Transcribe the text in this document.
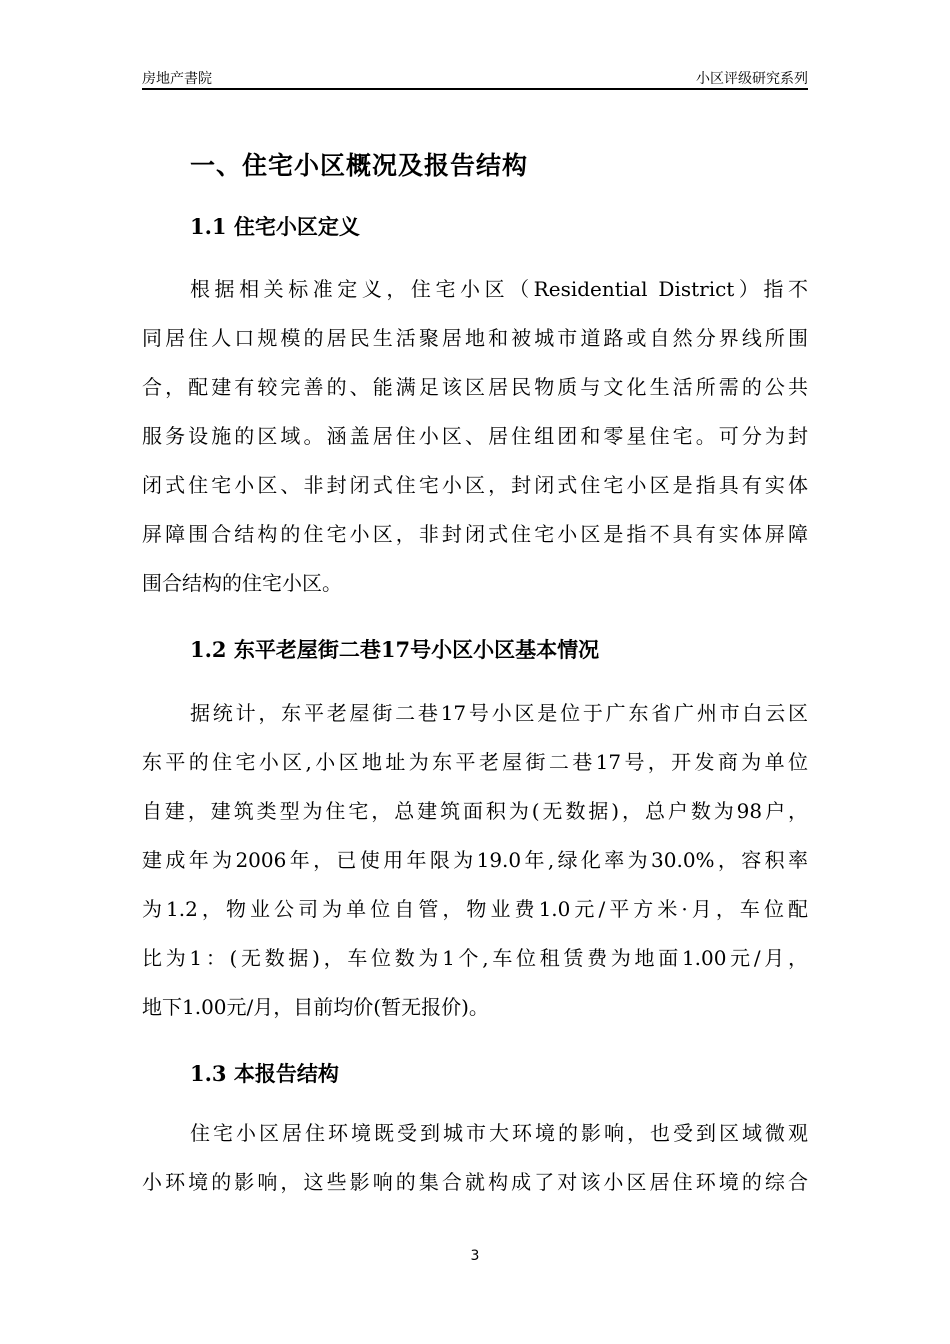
房地产書院	小区评级研究系列
一、住宅小区概况及报告结构
1.1 住宅小区定义
根据相关标准定义，住宅小区（Residential District）指不
同居住人口规模的居民生活聚居地和被城市道路或自然分界线所围
合，配建有较完善的、能满足该区居民物质与文化生活所需的公共
服务设施的区域。涵盖居住小区、居住组团和零星住宅。可分为封
闭式住宅小区、非封闭式住宅小区，封闭式住宅小区是指具有实体
屏障围合结构的住宅小区，非封闭式住宅小区是指不具有实体屏障
围合结构的住宅小区。
1.2 东平老屋街二巷17号小区小区基本情况
据统计，东平老屋街二巷17号小区是位于广东省广州市白云区
东平的住宅小区,小区地址为东平老屋街二巷17号，开发商为单位
自建，建筑类型为住宅，总建筑面积为(无数据)，总户数为98户，
建成年为2006年，已使用年限为19.0年,绿化率为30.0%，容积率
为1.2，物业公司为单位自管，物业费1.0元/平方米·月，车位配
比为1：(无数据)，车位数为1个,车位租赁费为地面1.00元/月，
地下1.00元/月，目前均价(暂无报价)。
1.3 本报告结构
住宅小区居住环境既受到城市大环境的影响，也受到区域微观
小环境的影响，这些影响的集合就构成了对该小区居住环境的综合
3
